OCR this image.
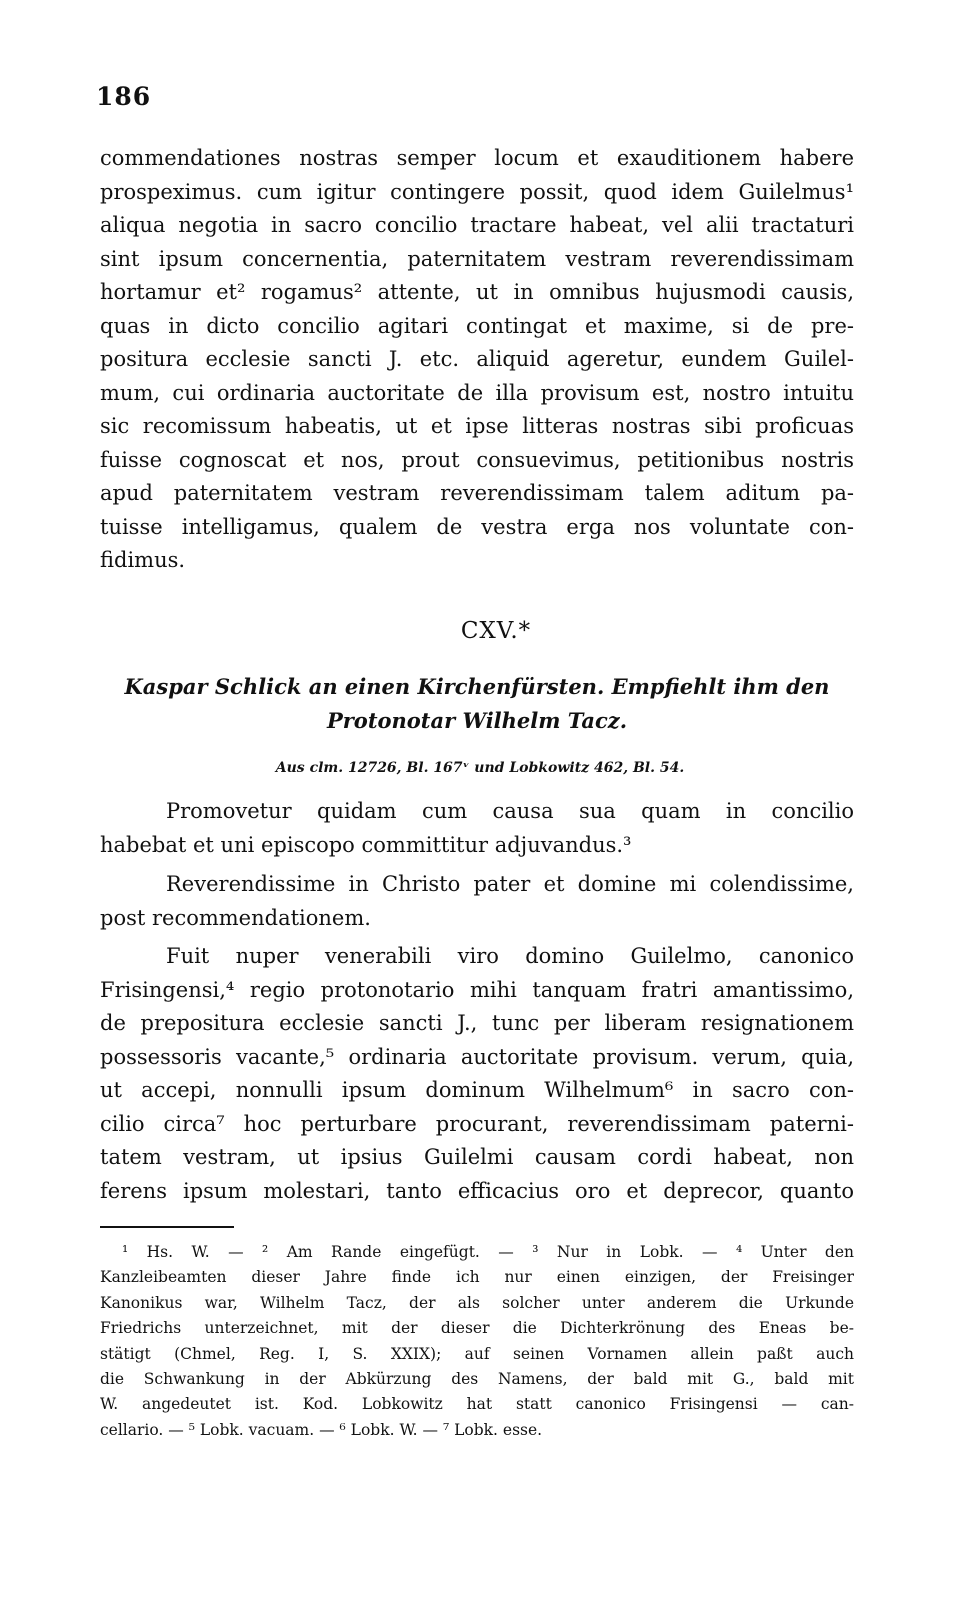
186
commendationes nostras semper locum et exauditionem habere
prospeximus. cum igitur contingere possit, quod idem Guilelmus¹
aliqua negotia in sacro concilio tractare habeat, vel alii tractaturi
sint ipsum concernentia, paternitatem vestram reverendissimam
hortamur et² rogamus² attente, ut in omnibus hujusmodi causis,
quas in dicto concilio agitari contingat et maxime, si de pre-
positura ecclesie sancti J. etc. aliquid ageretur, eundem Guilel-
mum, cui ordinaria auctoritate de illa provisum est, nostro intuitu
sic recomissum habeatis, ut et ipse litteras nostras sibi proficuas
fuisse cognoscat et nos, prout consuevimus, petitionibus nostris
apud paternitatem vestram reverendissimam talem aditum pa-
tuisse intelligamus, qualem de vestra erga nos voluntate con-
fidimus.
CXV.*
Kaspar Schlick an einen Kirchenfürsten. Empfiehlt ihm den
Protonotar Wilhelm Tacz.
Aus clm. 12726, Bl. 167ᵛ und Lobkowitz 462, Bl. 54.
Promovetur quidam cum causa sua quam in concilio
habebat et uni episcopo committitur adjuvandus.³
Reverendissime in Christo pater et domine mi colendissime,
post recommendationem.
Fuit nuper venerabili viro domino Guilelmo, canonico
Frisingensi,⁴ regio protonotario mihi tanquam fratri amantissimo,
de prepositura ecclesie sancti J., tunc per liberam resignationem
possessoris vacante,⁵ ordinaria auctoritate provisum. verum, quia,
ut accepi, nonnulli ipsum dominum Wilhelmum⁶ in sacro con-
cilio circa⁷ hoc perturbare procurant, reverendissimam paterni-
tatem vestram, ut ipsius Guilelmi causam cordi habeat, non
ferens ipsum molestari, tanto efficacius oro et deprecor, quanto
¹ Hs. W. — ² Am Rande eingefügt. — ³ Nur in Lobk. — ⁴ Unter den
Kanzleibeamten dieser Jahre finde ich nur einen einzigen, der Freisinger
Kanonikus war, Wilhelm Tacz, der als solcher unter anderem die Urkunde
Friedrichs unterzeichnet, mit der dieser die Dichterkrönung des Eneas be-
stätigt (Chmel, Reg. I, S. XXIX); auf seinen Vornamen allein paßt auch
die Schwankung in der Abkürzung des Namens, der bald mit G., bald mit
W. angedeutet ist. Kod. Lobkowitz hat statt canonico Frisingensi — can-
cellario. — ⁵ Lobk. vacuam. — ⁶ Lobk. W. — ⁷ Lobk. esse.
